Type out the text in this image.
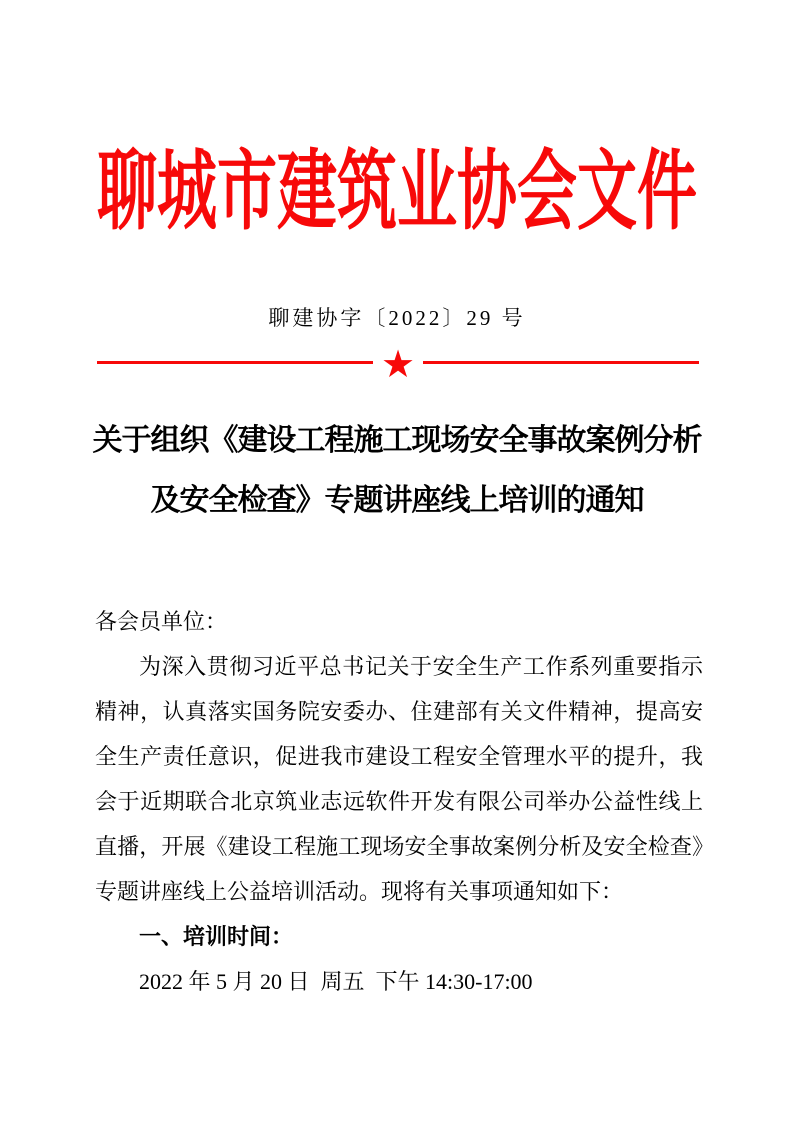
聊城市建筑业协会文件
聊建协字〔2022〕29 号
★
关于组织《建设工程施工现场安全事故案例分析
及安全检查》专题讲座线上培训的通知

各会员单位：

为深入贯彻习近平总书记关于安全生产工作系列重要指示精神，认真落实国务院安委办、住建部有关文件精神，提高安全生产责任意识，促进我市建设工程安全管理水平的提升，我会于近期联合北京筑业志远软件开发有限公司举办公益性线上直播，开展《建设工程施工现场安全事故案例分析及安全检查》专题讲座线上公益培训活动。现将有关事项通知如下：

一、培训时间：

2022 年 5 月 20 日  周五  下午 14:30-17:00
